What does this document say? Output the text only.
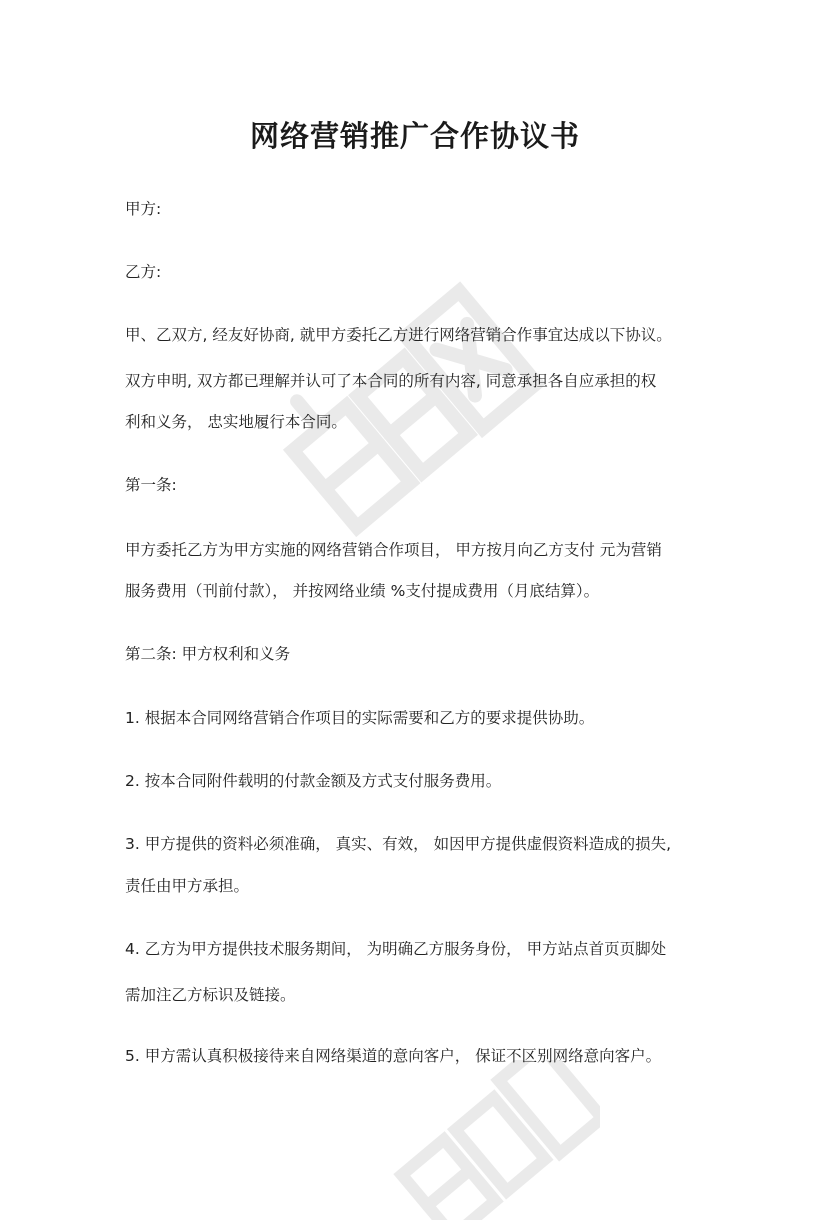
网络营销推广合作协议书

甲方:

乙方:

甲、乙双方, 经友好协商, 就甲方委托乙方进行网络营销合作事宜达成以下协议。

双方申明, 双方都已理解并认可了本合同的所有内容, 同意承担各自应承担的权

利和义务， 忠实地履行本合同。

第一条:

甲方委托乙方为甲方实施的网络营销合作项目， 甲方按月向乙方支付 元为营销

服务费用（刊前付款）， 并按网络业绩 %支付提成费用（月底结算）。

第二条: 甲方权利和义务

1. 根据本合同网络营销合作项目的实际需要和乙方的要求提供协助。

2. 按本合同附件载明的付款金额及方式支付服务费用。

3. 甲方提供的资料必须准确， 真实、有效， 如因甲方提供虚假资料造成的损失,

责任由甲方承担。

4. 乙方为甲方提供技术服务期间， 为明确乙方服务身份， 甲方站点首页页脚处

需加注乙方标识及链接。

5. 甲方需认真积极接待来自网络渠道的意向客户， 保证不区别网络意向客户。
